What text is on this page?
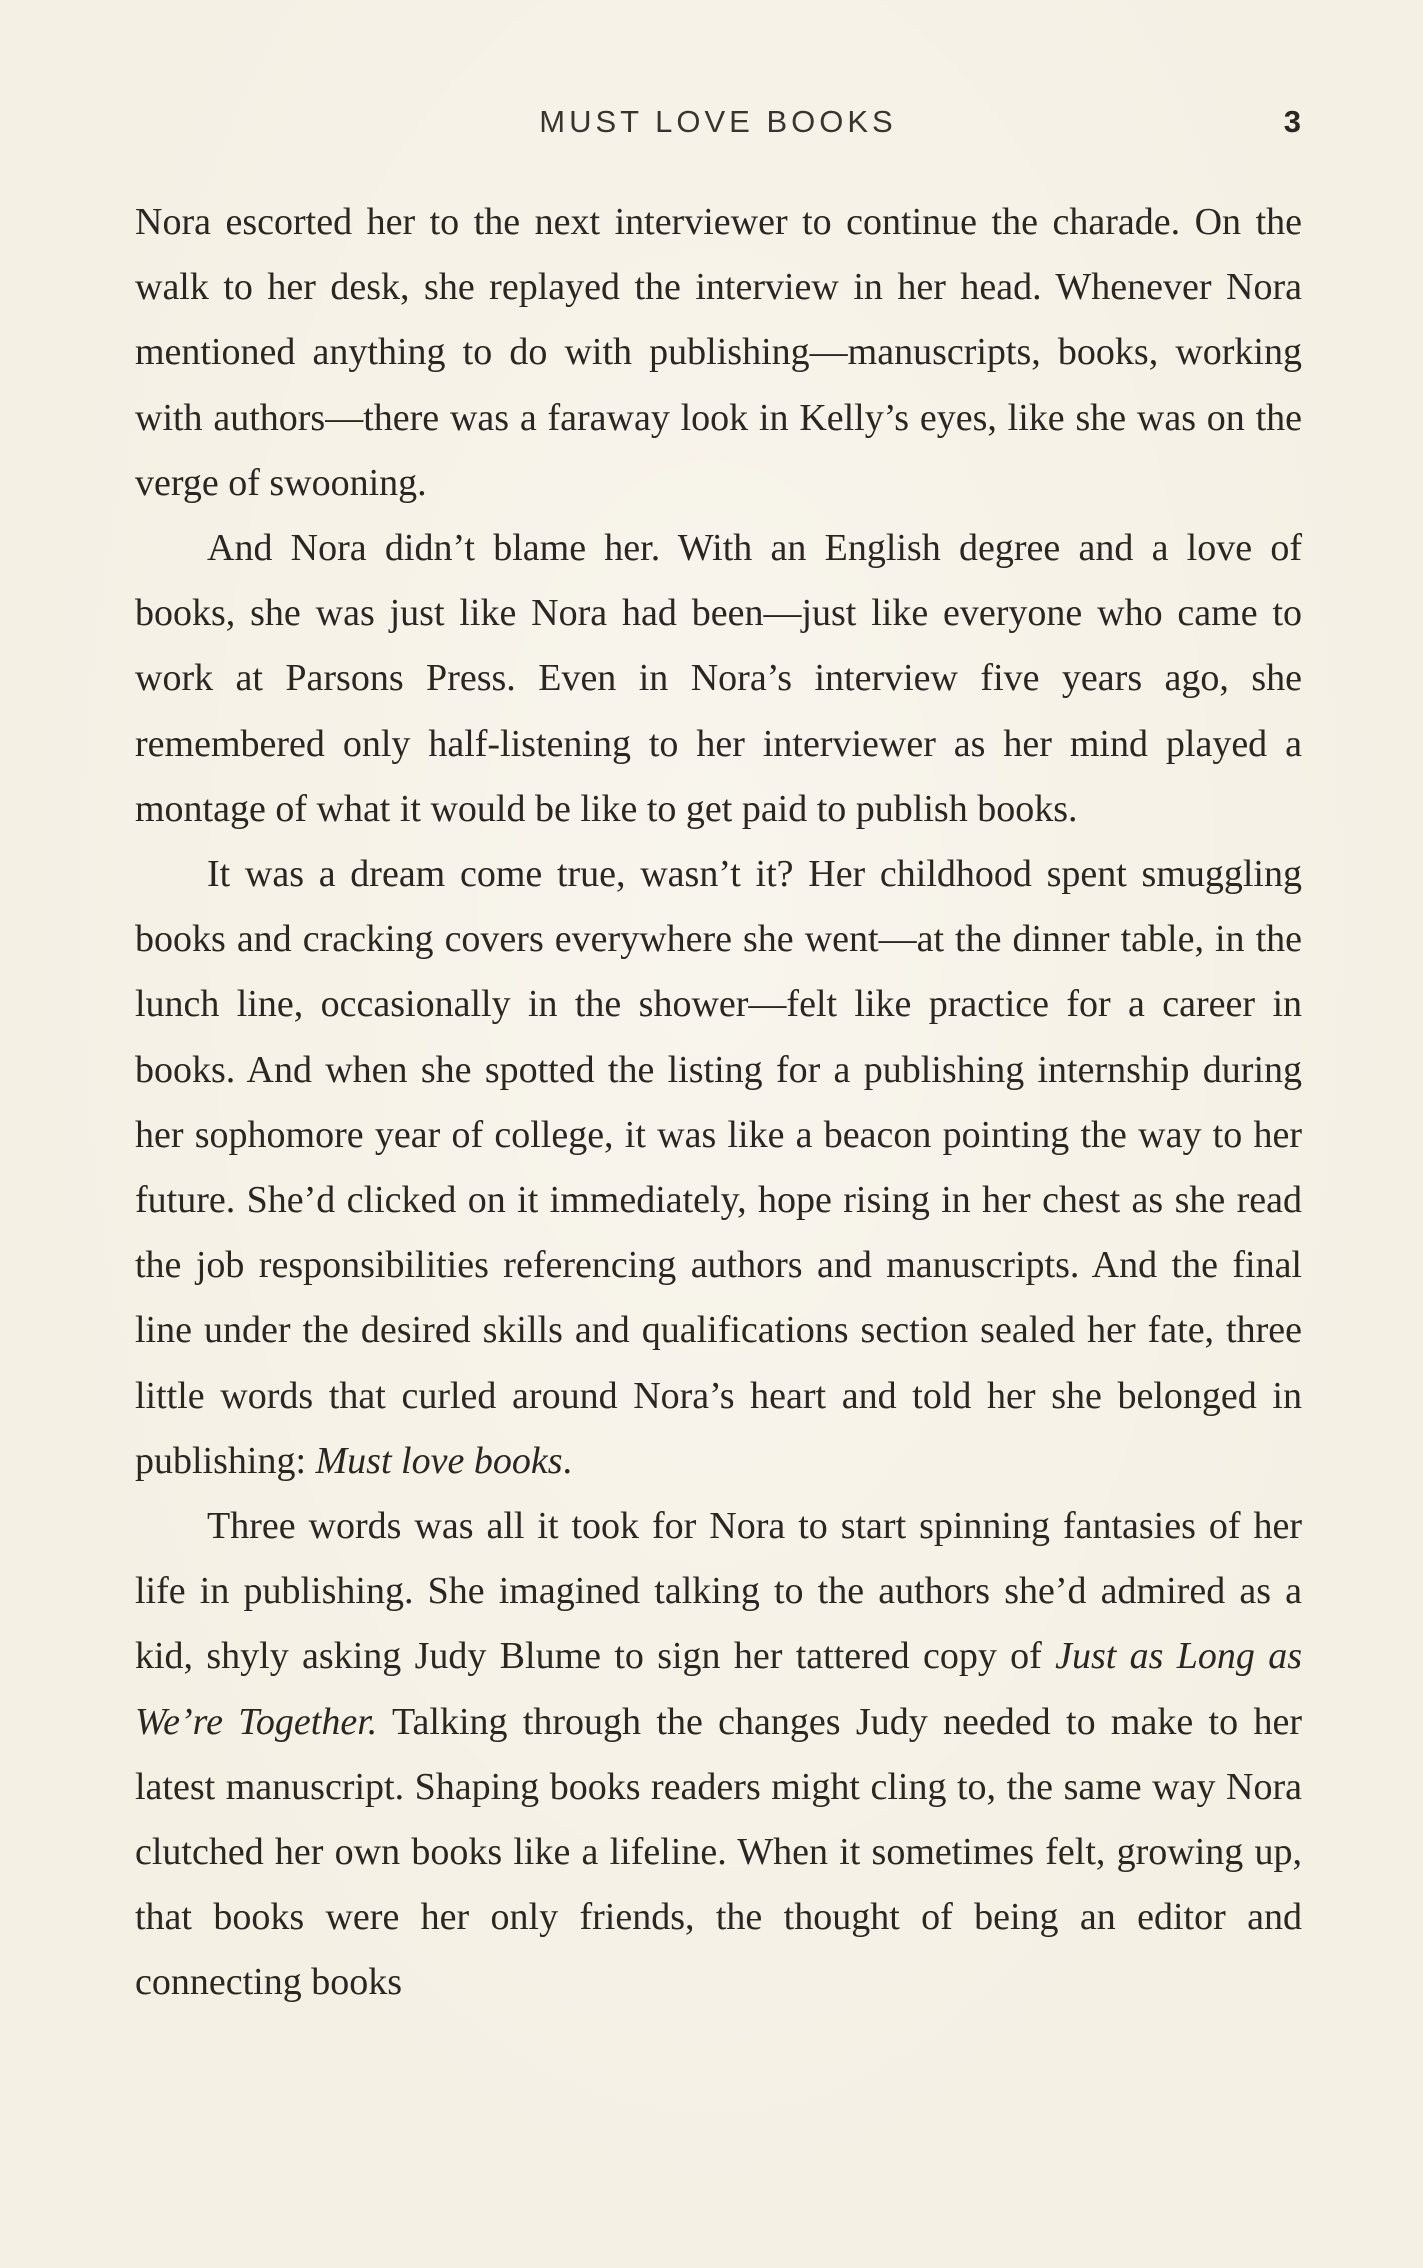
MUST LOVE BOOKS	3

Nora escorted her to the next interviewer to continue the charade. On the walk to her desk, she replayed the interview in her head. Whenever Nora mentioned anything to do with publishing—manuscripts, books, working with authors—there was a faraway look in Kelly’s eyes, like she was on the verge of swooning.

And Nora didn’t blame her. With an English degree and a love of books, she was just like Nora had been—just like everyone who came to work at Parsons Press. Even in Nora’s interview five years ago, she remembered only half-listening to her interviewer as her mind played a montage of what it would be like to get paid to publish books.

It was a dream come true, wasn’t it? Her childhood spent smuggling books and cracking covers everywhere she went—at the dinner table, in the lunch line, occasionally in the shower—felt like practice for a career in books. And when she spotted the listing for a publishing internship during her sophomore year of college, it was like a beacon pointing the way to her future. She’d clicked on it immediately, hope rising in her chest as she read the job responsibilities referencing authors and manuscripts. And the final line under the desired skills and qualifications section sealed her fate, three little words that curled around Nora’s heart and told her she belonged in publishing: Must love books.

Three words was all it took for Nora to start spinning fantasies of her life in publishing. She imagined talking to the authors she’d admired as a kid, shyly asking Judy Blume to sign her tattered copy of Just as Long as We’re Together. Talking through the changes Judy needed to make to her latest manuscript. Shaping books readers might cling to, the same way Nora clutched her own books like a lifeline. When it sometimes felt, growing up, that books were her only friends, the thought of being an editor and connecting books
